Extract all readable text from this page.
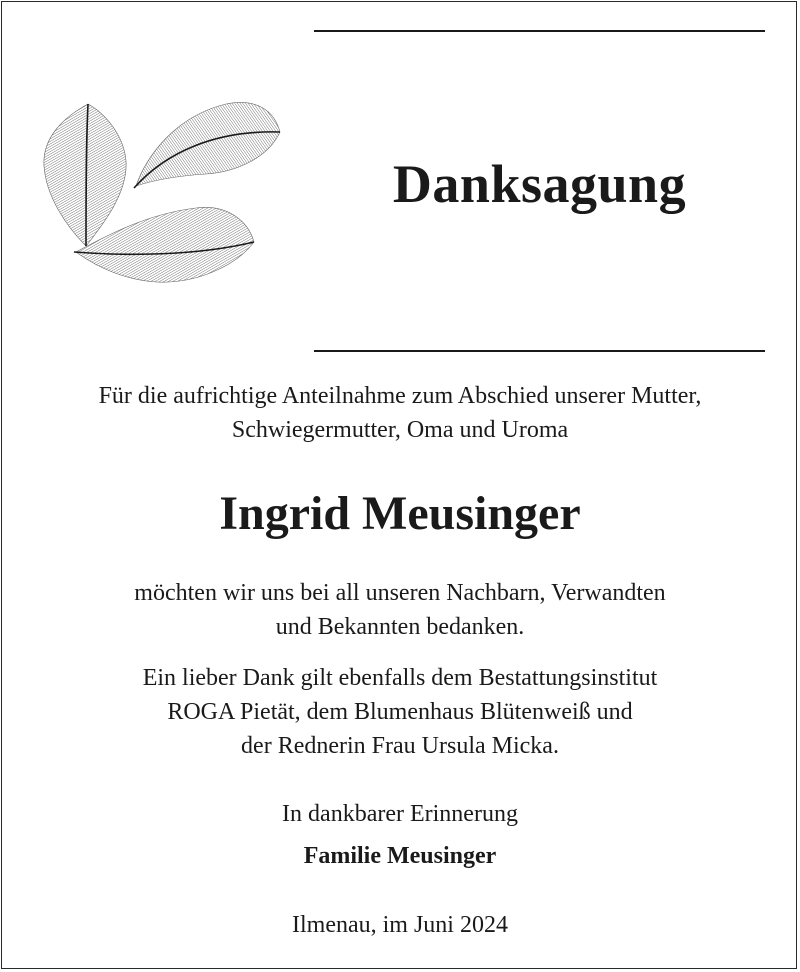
Danksagung
Für die aufrichtige Anteilnahme zum Abschied unserer Mutter,
Schwiegermutter, Oma und Uroma
Ingrid Meusinger
möchten wir uns bei all unseren Nachbarn, Verwandten
und Bekannten bedanken.
Ein lieber Dank gilt ebenfalls dem Bestattungsinstitut
ROGA Pietät, dem Blumenhaus Blütenweiß und
der Rednerin Frau Ursula Micka.
In dankbarer Erinnerung
Familie Meusinger
Ilmenau, im Juni 2024
